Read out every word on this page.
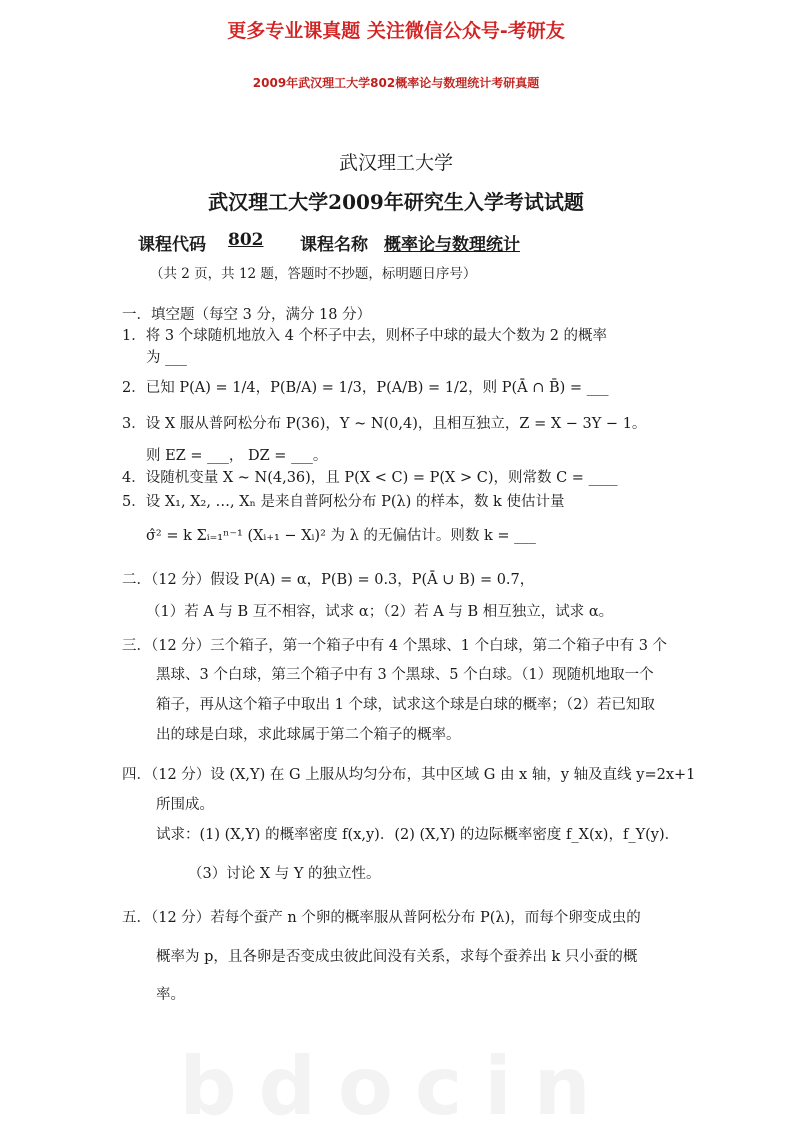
更多专业课真题 关注微信公众号-考研友
2009年武汉理工大学802概率论与数理统计考研真题
武汉理工大学
武汉理工大学2009年研究生入学考试试题
课程代码 802 课程名称 概率论与数理统计
（共 2 页，共 12 题，答题时不抄题，标明题日序号）
一．填空题（每空 3 分，满分 18 分）
1．将 3 个球随机地放入 4 个杯子中去，则杯子中球的最大个数为 2 的概率
为 ___
2．已知 P(A) = 1/4，P(B/A) = 1/3，P(A/B) = 1/2，则 P(Ā ∩ B̄) = ___
3．设 X 服从普阿松分布 P(36)，Y ~ N(0,4)，且相互独立，Z = X − 3Y − 1。
则 EZ = ___， DZ = ___。
4．设随机变量 X ~ N(4,36)，且 P(X < C) = P(X > C)，则常数 C = ____
5．设 X₁, X₂, …, Xₙ 是来自普阿松分布 P(λ) 的样本，数 k 使估计量
σ̂² = k Σᵢ₌₁ⁿ⁻¹ (Xᵢ₊₁ − Xᵢ)² 为 λ 的无偏估计。则数 k = ___
二．（12 分）假设 P(A) = α，P(B) = 0.3，P(Ā ∪ B) = 0.7，
（1）若 A 与 B 互不相容，试求 α；（2）若 A 与 B 相互独立，试求 α。
三．（12 分）三个箱子，第一个箱子中有 4 个黑球、1 个白球，第二个箱子中有 3 个
黑球、3 个白球，第三个箱子中有 3 个黑球、5 个白球。（1）现随机地取一个
箱子，再从这个箱子中取出 1 个球，试求这个球是白球的概率；（2）若已知取
出的球是白球，求此球属于第二个箱子的概率。
四．（12 分）设 (X,Y) 在 G 上服从均匀分布，其中区域 G 由 x 轴，y 轴及直线 y=2x+1
所围成。
试求：(1) (X,Y) 的概率密度 f(x,y)．(2) (X,Y) 的边际概率密度 f_X(x)，f_Y(y)．
（3）讨论 X 与 Y 的独立性。
五．（12 分）若每个蚕产 n 个卵的概率服从普阿松分布 P(λ)，而每个卵变成虫的
概率为 p，且各卵是否变成虫彼此间没有关系，求每个蚕养出 k 只小蚕的概
率。
bdocin
